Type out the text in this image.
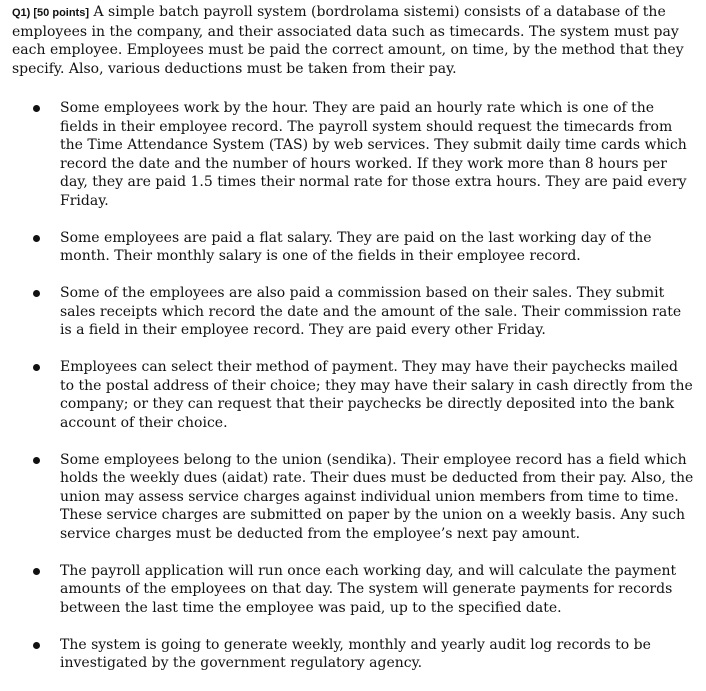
Q1) [50 points] A simple batch payroll system (bordrolama sistemi) consists of a database of the employees in the company, and their associated data such as timecards. The system must pay each employee. Employees must be paid the correct amount, on time, by the method that they specify. Also, various deductions must be taken from their pay.

Some employees work by the hour. They are paid an hourly rate which is one of the fields in their employee record. The payroll system should request the timecards from the Time Attendance System (TAS) by web services. They submit daily time cards which record the date and the number of hours worked. If they work more than 8 hours per day, they are paid 1.5 times their normal rate for those extra hours. They are paid every Friday.
Some employees are paid a flat salary. They are paid on the last working day of the month. Their monthly salary is one of the fields in their employee record.
Some of the employees are also paid a commission based on their sales. They submit sales receipts which record the date and the amount of the sale. Their commission rate is a field in their employee record. They are paid every other Friday.
Employees can select their method of payment. They may have their paychecks mailed to the postal address of their choice; they may have their salary in cash directly from the company; or they can request that their paychecks be directly deposited into the bank account of their choice.
Some employees belong to the union (sendika). Their employee record has a field which holds the weekly dues (aidat) rate. Their dues must be deducted from their pay. Also, the union may assess service charges against individual union members from time to time. These service charges are submitted on paper by the union on a weekly basis. Any such service charges must be deducted from the employee’s next pay amount.
The payroll application will run once each working day, and will calculate the payment amounts of the employees on that day. The system will generate payments for records between the last time the employee was paid, up to the specified date.
The system is going to generate weekly, monthly and yearly audit log records to be investigated by the government regulatory agency.
